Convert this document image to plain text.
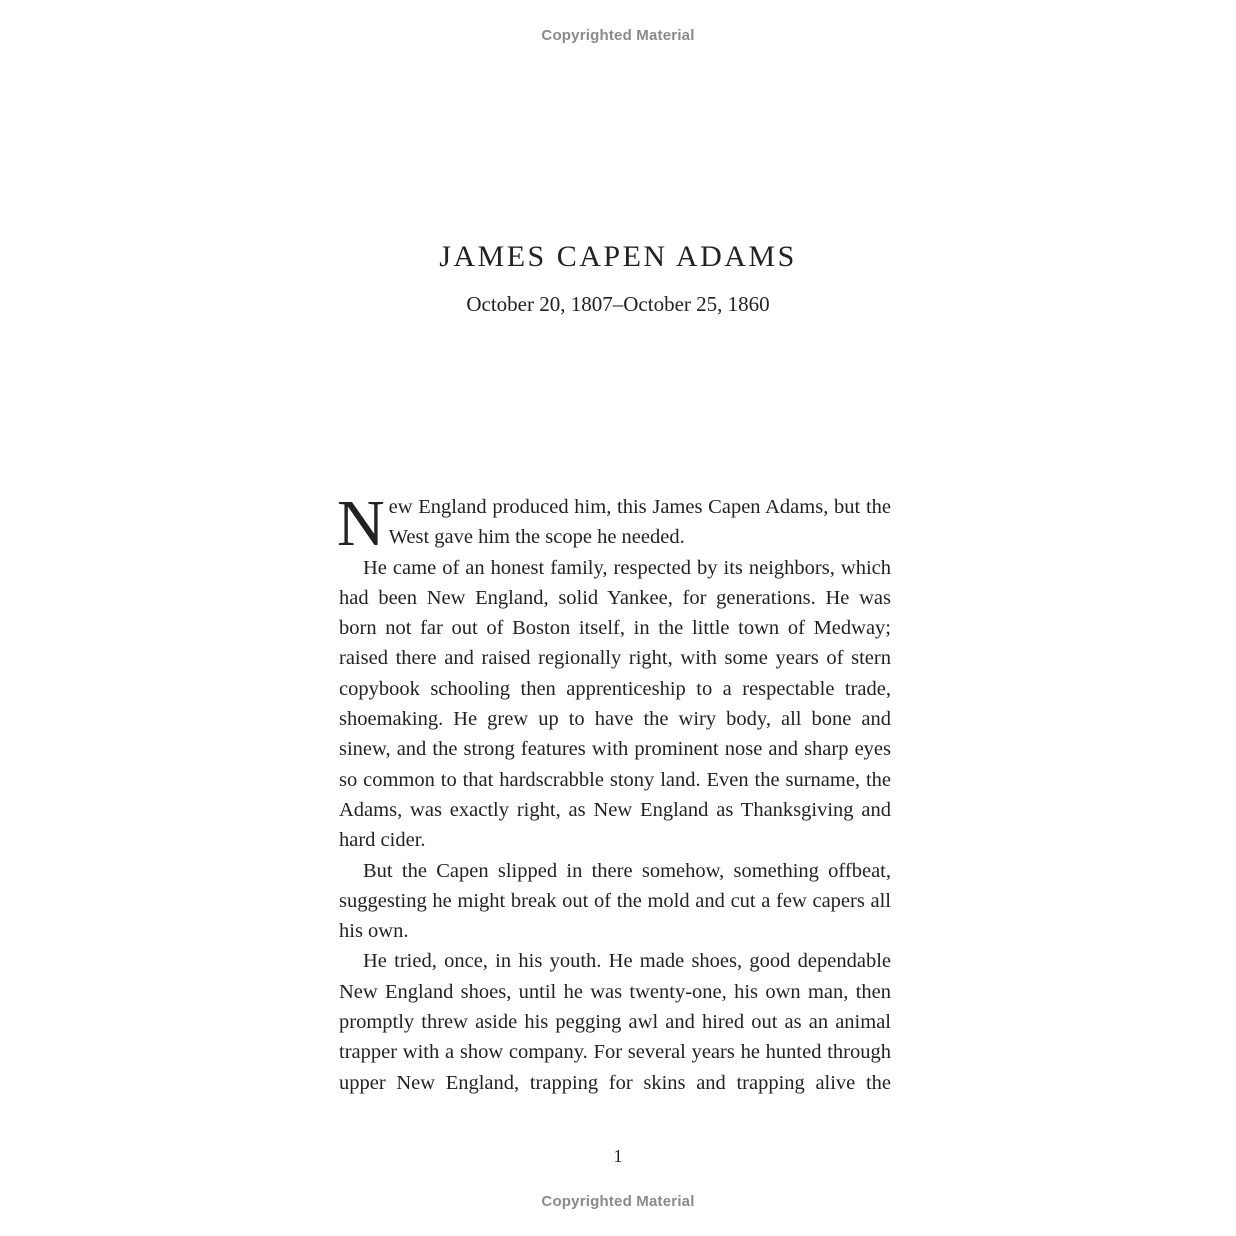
Copyrighted Material
JAMES CAPEN ADAMS
October 20, 1807–October 25, 1860

New England produced him, this James Capen Adams, but the West gave him the scope he needed.

He came of an honest family, respected by its neighbors, which had been New England, solid Yankee, for generations. He was born not far out of Boston itself, in the little town of Medway; raised there and raised regionally right, with some years of stern copybook schooling then apprenticeship to a respectable trade, shoemaking. He grew up to have the wiry body, all bone and sinew, and the strong features with prominent nose and sharp eyes so common to that hardscrabble stony land. Even the surname, the Adams, was exactly right, as New England as Thanksgiving and hard cider.

But the Capen slipped in there somehow, something offbeat, suggesting he might break out of the mold and cut a few capers all his own.

He tried, once, in his youth. He made shoes, good dependable New England shoes, until he was twenty-one, his own man, then promptly threw aside his pegging awl and hired out as an animal trapper with a show company. For several years he hunted through upper New England, trapping for skins and trapping alive the

1
Copyrighted Material
